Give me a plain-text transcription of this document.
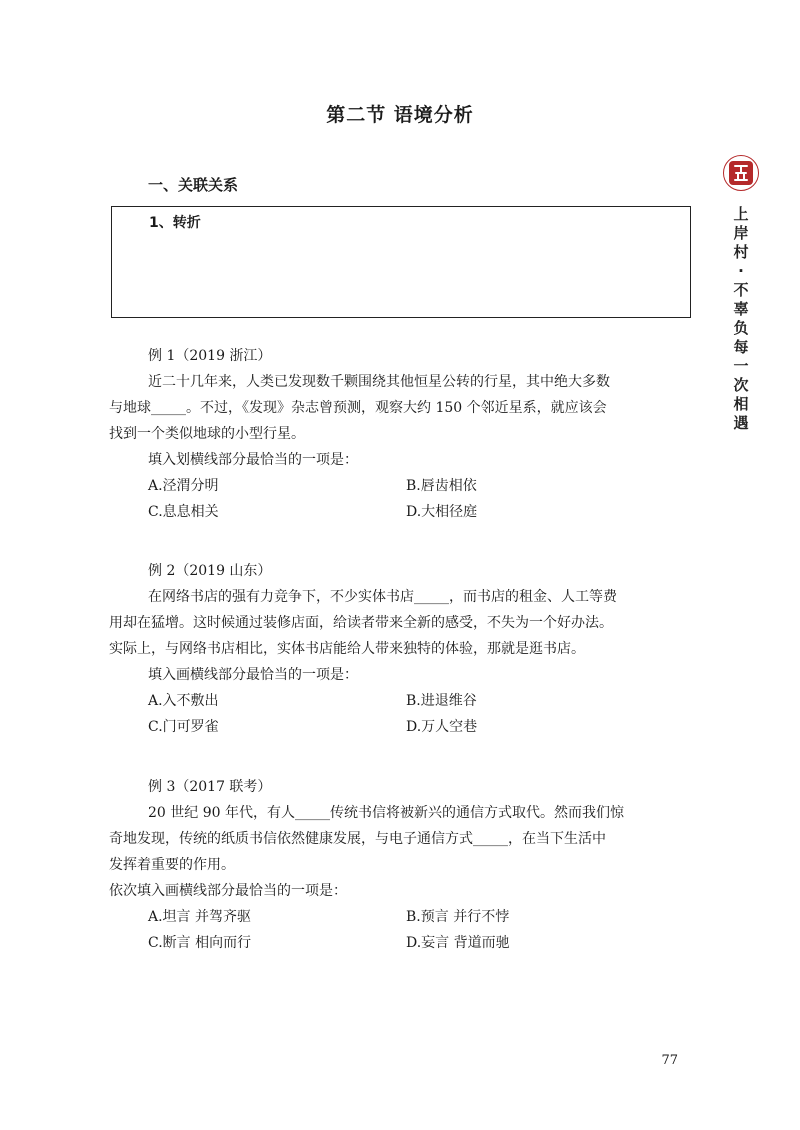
第二节 语境分析
一、关联关系
1、转折
例 1（2019 浙江）
近二十几年来，人类已发现数千颗围绕其他恒星公转的行星，其中绝大多数
与地球_____。不过，《发现》杂志曾预测，观察大约 150 个邻近星系，就应该会
找到一个类似地球的小型行星。
填入划横线部分最恰当的一项是：
A.泾渭分明	B.唇齿相依
C.息息相关	D.大相径庭
例 2（2019 山东）
在网络书店的强有力竞争下，不少实体书店_____，而书店的租金、人工等费
用却在猛增。这时候通过装修店面，给读者带来全新的感受，不失为一个好办法。
实际上，与网络书店相比，实体书店能给人带来独特的体验，那就是逛书店。
填入画横线部分最恰当的一项是：
A.入不敷出	B.进退维谷
C.门可罗雀	D.万人空巷
例 3（2017 联考）
20 世纪 90 年代，有人_____传统书信将被新兴的通信方式取代。然而我们惊
奇地发现，传统的纸质书信依然健康发展，与电子通信方式_____，在当下生活中
发挥着重要的作用。
依次填入画横线部分最恰当的一项是：
A.坦言 并驾齐驱	B.预言 并行不悖
C.断言 相向而行	D.妄言 背道而驰
77
上
岸
村
·
不
辜
负
每
一
次
相
遇
